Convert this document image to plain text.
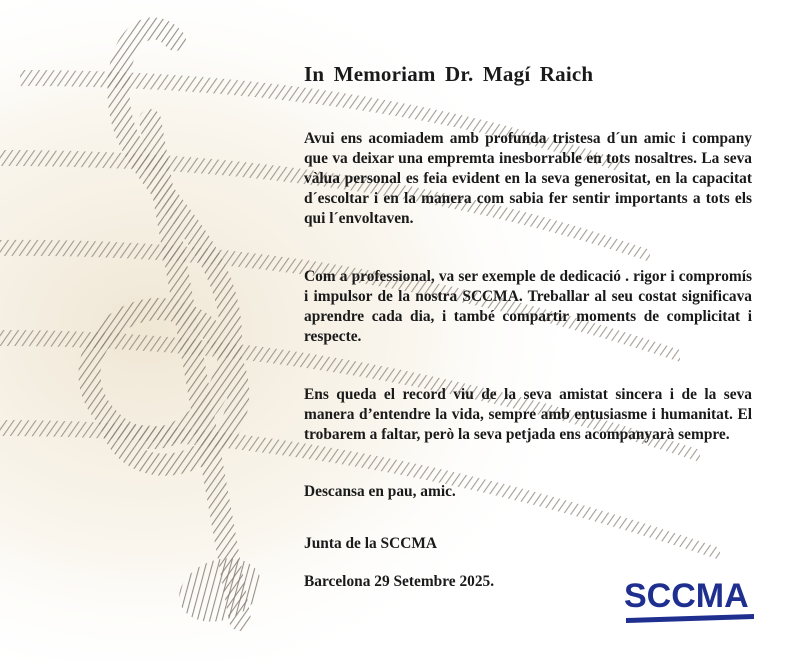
In Memoriam Dr. Magí Raich

Avui ens acomiadem amb profunda tristesa d´un amic i company que va deixar una empremta inesborrable en tots nosaltres. La seva vàlua personal es feia evident en la seva generositat, en la capacitat d´escoltar i en la manera com sabia fer sentir importants a tots els qui l´envoltaven.

Com a professional, va ser exemple de dedicació . rigor i compromís i impulsor de la nostra SCCMA. Treballar al seu costat significava aprendre cada dia, i també compartir moments de complicitat i respecte.

Ens queda el record viu de la seva amistat sincera i de la seva manera d’entendre la vida, sempre amb entusiasme i humanitat. El trobarem a faltar, però la seva petjada ens acompanyarà sempre.

Descansa en pau, amic.

Junta de la SCCMA

Barcelona 29 Setembre 2025.	SCCMA
